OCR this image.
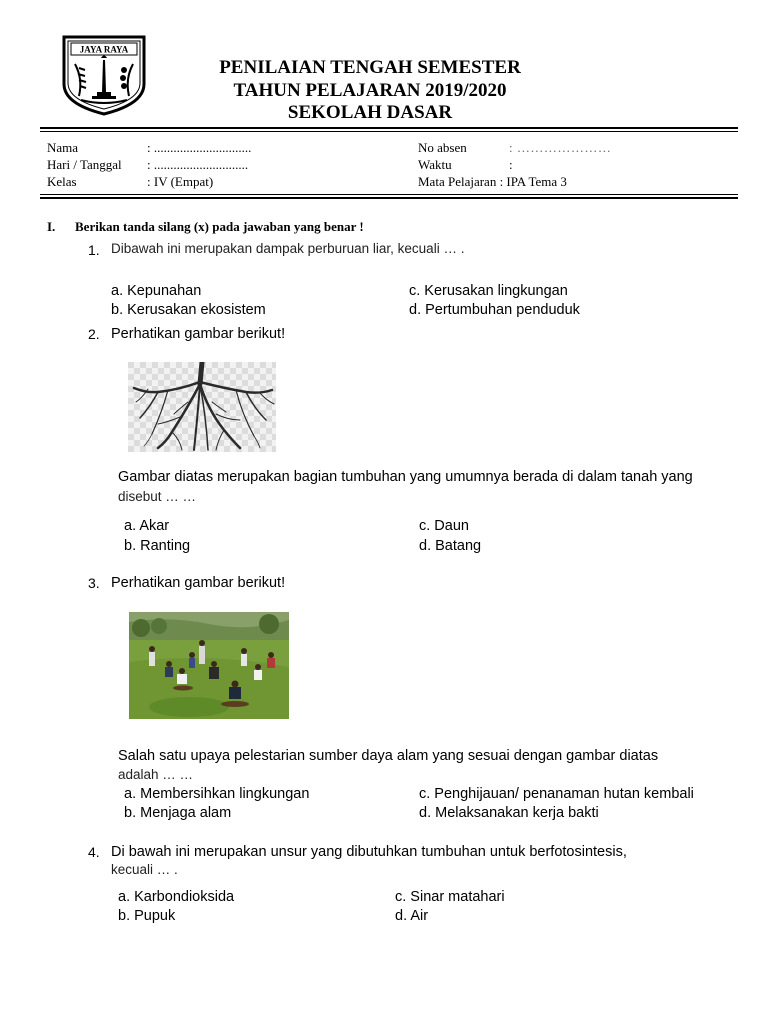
JAYA RAYA
PENILAIAN TENGAH SEMESTER
TAHUN PELAJARAN 2019/2020
SEKOLAH DASAR
Nama	: ..............................
Hari / Tanggal : .............................
Kelas	: IV (Empat)
No absen	: …………………
Waktu	:
Mata Pelajaran : IPA Tema 3
I. Berikan tanda silang (x) pada jawaban yang benar !
1. Dibawah ini merupakan dampak perburuan liar, kecuali … .
a. Kepunahan
b. Kerusakan ekosistem
c. Kerusakan lingkungan
d. Pertumbuhan penduduk
2. Perhatikan gambar berikut!
Gambar diatas merupakan bagian tumbuhan yang umumnya berada di dalam tanah yang
disebut … …
a. Akar
b. Ranting
c. Daun
d. Batang
3. Perhatikan gambar berikut!
Salah satu upaya pelestarian sumber daya alam yang sesuai dengan gambar diatas
adalah … …
a. Membersihkan lingkungan
b. Menjaga alam
c. Penghijauan/ penanaman hutan kembali
d. Melaksanakan kerja bakti
4. Di bawah ini merupakan unsur yang dibutuhkan tumbuhan untuk berfotosintesis,
kecuali … .
a. Karbondioksida
b. Pupuk
c. Sinar matahari
d. Air
